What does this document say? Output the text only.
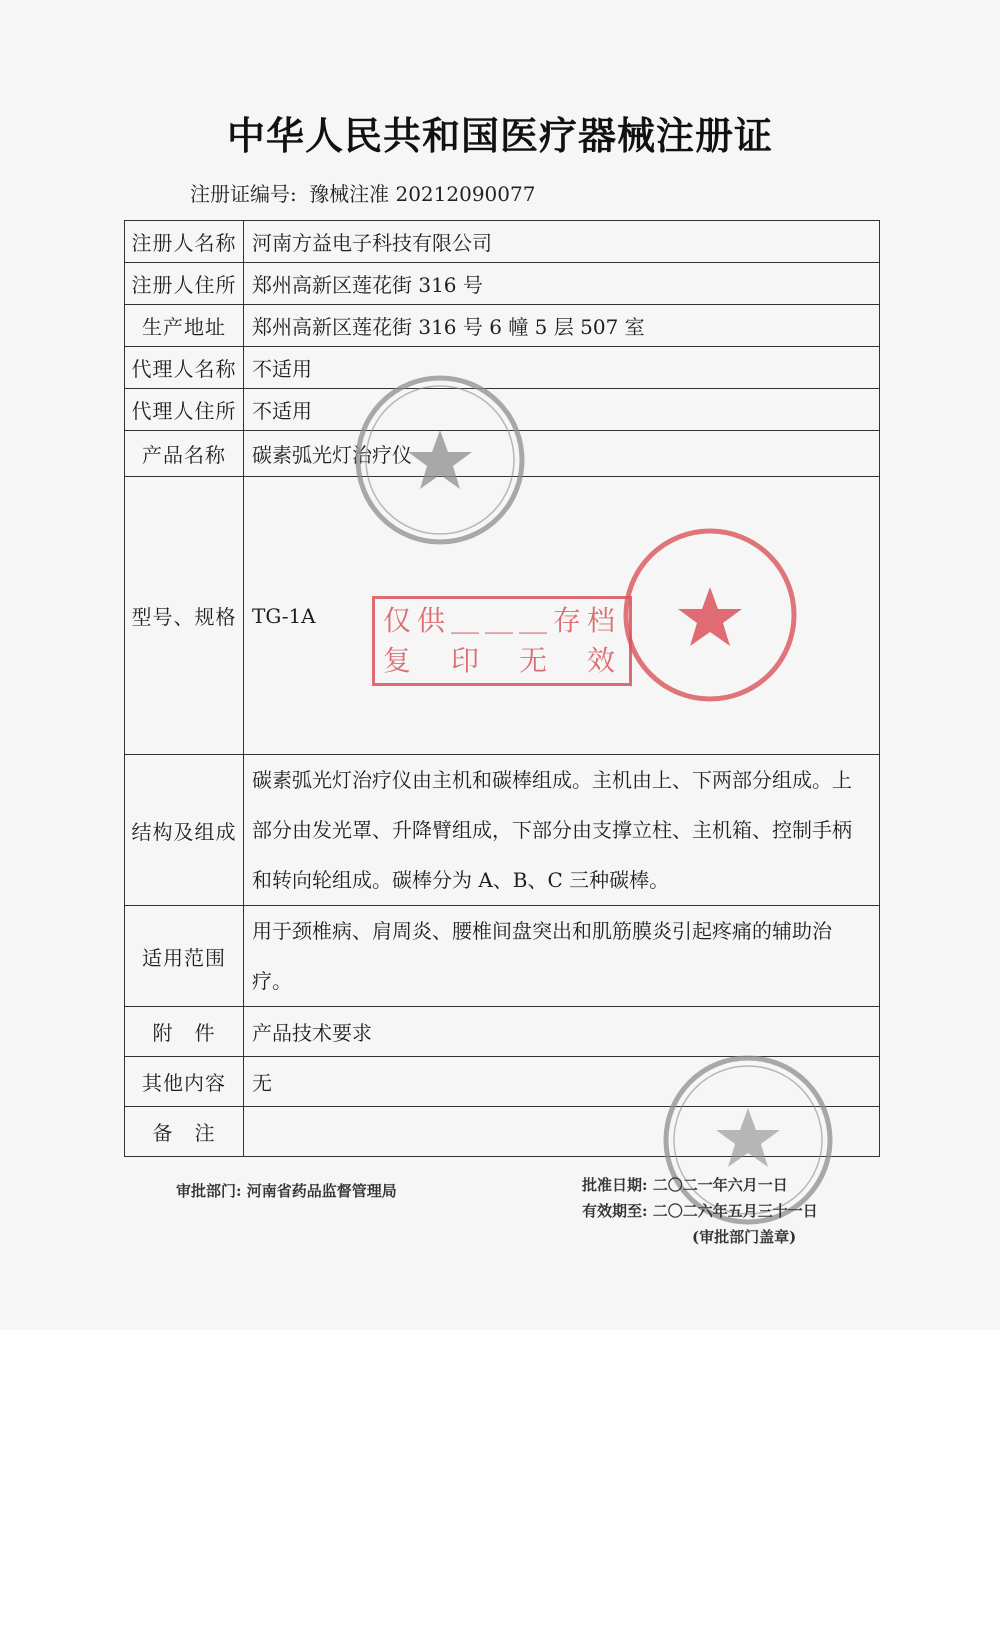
中华人民共和国医疗器械注册证
注册证编号: 豫械注准 20212090077
注册人名称	河南方益电子科技有限公司
注册人住所	郑州高新区莲花街 316 号
生产地址	郑州高新区莲花街 316 号 6 幢 5 层 507 室
代理人名称	不适用
代理人住所	不适用
产品名称	碳素弧光灯治疗仪
型号、规格	TG-1A
结构及组成	碳素弧光灯治疗仪由主机和碳棒组成。主机由上、下两部分组成。上部分由发光罩、升降臂组成，下部分由支撑立柱、主机箱、控制手柄和转向轮组成。碳棒分为 A、B、C 三种碳棒。
适用范围	用于颈椎病、肩周炎、腰椎间盘突出和肌筋膜炎引起疼痛的辅助治疗。
附　件	产品技术要求
其他内容	无
备　注	
仅供＿＿＿存档
复　印　无　效
审批部门: 河南省药品监督管理局	批准日期: 二〇二一年六月一日
有效期至: 二〇二六年五月三十一日
(审批部门盖章)
